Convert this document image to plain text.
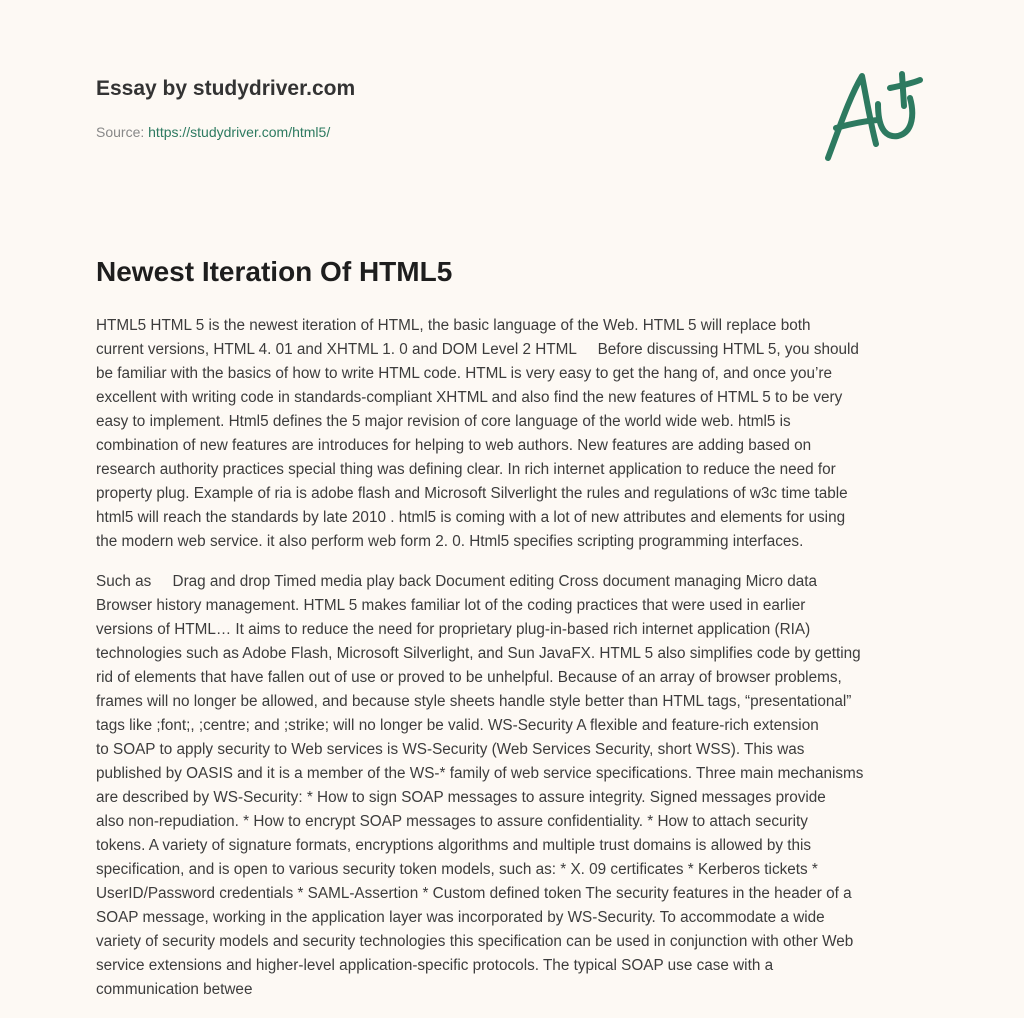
Essay by studydriver.com
Source: https://studydriver.com/html5/
Newest Iteration Of HTML5
HTML5 HTML 5 is the newest iteration of HTML, the basic language of the Web. HTML 5 will replace both
current versions, HTML 4. 01 and XHTML 1. 0 and DOM Level 2 HTML     Before discussing HTML 5, you should
be familiar with the basics of how to write HTML code. HTML is very easy to get the hang of, and once you’re
excellent with writing code in standards-compliant XHTML and also find the new features of HTML 5 to be very
easy to implement. Html5 defines the 5 major revision of core language of the world wide web. html5 is
combination of new features are introduces for helping to web authors. New features are adding based on
research authority practices special thing was defining clear. In rich internet application to reduce the need for
property plug. Example of ria is adobe flash and Microsoft Silverlight the rules and regulations of w3c time table
html5 will reach the standards by late 2010 . html5 is coming with a lot of new attributes and elements for using
the modern web service. it also perform web form 2. 0. Html5 specifies scripting programming interfaces.
Such as     Drag and drop Timed media play back Document editing Cross document managing Micro data
Browser history management. HTML 5 makes familiar lot of the coding practices that were used in earlier
versions of HTML… It aims to reduce the need for proprietary plug-in-based rich internet application (RIA)
technologies such as Adobe Flash, Microsoft Silverlight, and Sun JavaFX. HTML 5 also simplifies code by getting
rid of elements that have fallen out of use or proved to be unhelpful. Because of an array of browser problems,
frames will no longer be allowed, and because style sheets handle style better than HTML tags, “presentational”
tags like ;font;, ;centre; and ;strike; will no longer be valid. WS-Security A flexible and feature-rich extension
to SOAP to apply security to Web services is WS-Security (Web Services Security, short WSS). This was
published by OASIS and it is a member of the WS-* family of web service specifications. Three main mechanisms
are described by WS-Security: * How to sign SOAP messages to assure integrity. Signed messages provide
also non-repudiation. * How to encrypt SOAP messages to assure confidentiality. * How to attach security
tokens. A variety of signature formats, encryptions algorithms and multiple trust domains is allowed by this
specification, and is open to various security token models, such as: * X. 09 certificates * Kerberos tickets *
UserID/Password credentials * SAML-Assertion * Custom defined token The security features in the header of a
SOAP message, working in the application layer was incorporated by WS-Security. To accommodate a wide
variety of security models and security technologies this specification can be used in conjunction with other Web
service extensions and higher-level application-specific protocols. The typical SOAP use case with a
communication betwee
